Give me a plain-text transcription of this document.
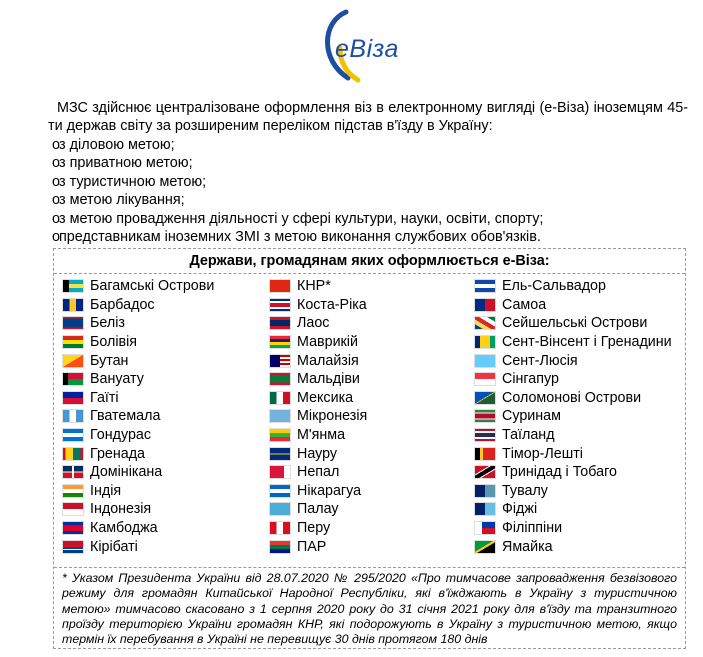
еВіза
МЗС здійснює централізоване оформлення віз в електронному вигляді (е-Віза) іноземцям 45-ти держав світу за розширеним переліком підстав в'їзду в Україну:
oз діловою метою;
oз приватною метою;
oз туристичною метою;
oз метою лікування;
oз метою провадження діяльності у сфері культури, науки, освіти, спорту;
oпредставникам іноземних ЗМІ з метою виконання службових обов'язків.
Держави, громадянам яких оформлюється е-Віза:
Багамські Острови
Барбадос
Беліз
Болівія
Бутан
Вануату
Гаїті
Гватемала
Гондурас
Гренада
Домінікана
Індія
Індонезія
Камбоджа
Кірібаті
КНР*
Коста-Ріка
Лаос
Маврикій
Малайзія
Мальдіви
Мексика
Мікронезія
М'янма
Науру
Непал
Нікарагуа
Палау
Перу
ПАР
Ель-Сальвадор
Самоа
Сейшельські Острови
Сент-Вінсент і Гренадини
Сент-Люсія
Сінгапур
Соломонові Острови
Суринам
Таїланд
Тімор-Лешті
Тринідад і Тобаго
Тувалу
Фіджі
Філіппіни
Ямайка
* Указом Президента України від 28.07.2020 № 295/2020 «Про тимчасове запровадження безвізового режиму для громадян Китайської Народної Республіки, які в'їжджають в Україну з туристичною метою» тимчасово скасовано з 1 серпня 2020 року до 31 січня 2021 року для в'їзду та транзитного проїзду територією України громадян КНР, які подорожують в Україну з туристичною метою, якщо термін їх перебування в Україні не перевищує 30 днів протягом 180 днів
